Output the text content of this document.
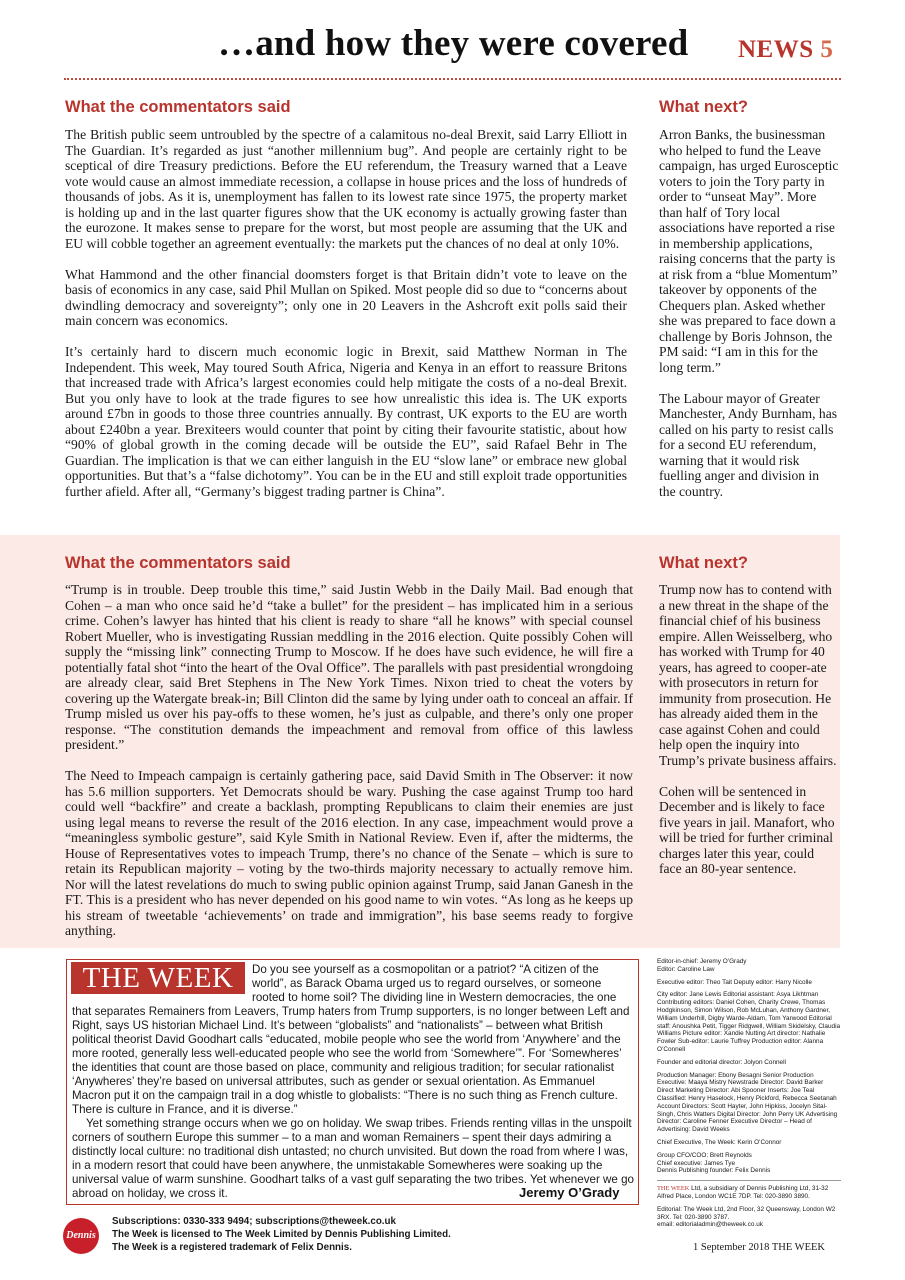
…and how they were covered NEWS 5
What the commentators said

The British public seem untroubled by the spectre of a calamitous no-deal Brexit, said Larry Elliott in The Guardian. It’s regarded as just “another millennium bug”. And people are certainly right to be sceptical of dire Treasury predictions. Before the EU referendum, the Treasury warned that a Leave vote would cause an almost immediate recession, a collapse in house prices and the loss of hundreds of thousands of jobs. As it is, unemployment has fallen to its lowest rate since 1975, the property market is holding up and in the last quarter figures show that the UK economy is actually growing faster than the eurozone. It makes sense to prepare for the worst, but most people are assuming that the UK and EU will cobble together an agreement eventually: the markets put the chances of no deal at only 10%.

What Hammond and the other financial doomsters forget is that Britain didn’t vote to leave on the basis of economics in any case, said Phil Mullan on Spiked. Most people did so due to “concerns about dwindling democracy and sovereignty”; only one in 20 Leavers in the Ashcroft exit polls said their main concern was economics.

It’s certainly hard to discern much economic logic in Brexit, said Matthew Norman in The Independent. This week, May toured South Africa, Nigeria and Kenya in an effort to reassure Britons that increased trade with Africa’s largest economies could help mitigate the costs of a no-deal Brexit. But you only have to look at the trade figures to see how unrealistic this idea is. The UK exports around £7bn in goods to those three countries annually. By contrast, UK exports to the EU are worth about £240bn a year. Brexiteers would counter that point by citing their favourite statistic, about how “90% of global growth in the coming decade will be outside the EU”, said Rafael Behr in The Guardian. The implication is that we can either languish in the EU “slow lane” or embrace new global opportunities. But that’s a “false dichotomy”. You can be in the EU and still exploit trade opportunities further afield. After all, “Germany’s biggest trading partner is China”.

What next?

Arron Banks, the businessman who helped to fund the Leave campaign, has urged Eurosceptic voters to join the Tory party in order to “unseat May”. More than half of Tory local associations have reported a rise in membership applications, raising concerns that the party is at risk from a “blue Momentum” takeover by opponents of the Chequers plan. Asked whether she was prepared to face down a challenge by Boris Johnson, the PM said: “I am in this for the long term.”

The Labour mayor of Greater Manchester, Andy Burnham, has called on his party to resist calls for a second EU referendum, warning that it would risk fuelling anger and division in the country.

What the commentators said

“Trump is in trouble. Deep trouble this time,” said Justin Webb in the Daily Mail. Bad enough that Cohen – a man who once said he’d “take a bullet” for the president – has implicated him in a serious crime. Cohen’s lawyer has hinted that his client is ready to share “all he knows” with special counsel Robert Mueller, who is investigating Russian meddling in the 2016 election. Quite possibly Cohen will supply the “missing link” connecting Trump to Moscow. If he does have such evidence, he will fire a potentially fatal shot “into the heart of the Oval Office”. The parallels with past presidential wrongdoing are already clear, said Bret Stephens in The New York Times. Nixon tried to cheat the voters by covering up the Watergate break-in; Bill Clinton did the same by lying under oath to conceal an affair. If Trump misled us over his pay-offs to these women, he’s just as culpable, and there’s only one proper response. “The constitution demands the impeachment and removal from office of this lawless president.”

The Need to Impeach campaign is certainly gathering pace, said David Smith in The Observer: it now has 5.6 million supporters. Yet Democrats should be wary. Pushing the case against Trump too hard could well “backfire” and create a backlash, prompting Republicans to claim their enemies are just using legal means to reverse the result of the 2016 election. In any case, impeachment would prove a “meaningless symbolic gesture”, said Kyle Smith in National Review. Even if, after the midterms, the House of Representatives votes to impeach Trump, there’s no chance of the Senate – which is sure to retain its Republican majority – voting by the two-thirds majority necessary to actually remove him. Nor will the latest revelations do much to swing public opinion against Trump, said Janan Ganesh in the FT. This is a president who has never depended on his good name to win votes. “As long as he keeps up his stream of tweetable ‘achievements’ on trade and immigration”, his base seems ready to forgive anything.

What next?

Trump now has to contend with a new threat in the shape of the financial chief of his business empire. Allen Weisselberg, who has worked with Trump for 40 years, has agreed to cooper-ate with prosecutors in return for immunity from prosecution. He has already aided them in the case against Cohen and could help open the inquiry into Trump’s private business affairs.

Cohen will be sentenced in December and is likely to face five years in jail. Manafort, who will be tried for further criminal charges later this year, could face an 80-year sentence.

THE WEEK	Do you see yourself as a cosmopolitan or a patriot? “A citizen of the world”, as Barack Obama urged us to regard ourselves, or someone rooted to home soil? The dividing line in Western democracies, the one that separates Remainers from Leavers, Trump haters from Trump supporters, is no longer between Left and Right, says US historian Michael Lind. It’s between “globalists” and “nationalists” – between what British political theorist David Goodhart calls “educated, mobile people who see the world from ‘Anywhere’ and the more rooted, generally less well-educated people who see the world from ‘Somewhere’”. For ‘Somewheres’ the identities that count are those based on place, community and religious tradition; for secular rationalist ‘Anywheres’ they’re based on universal attributes, such as gender or sexual orientation. As Emmanuel Macron put it on the campaign trail in a dog whistle to globalists: “There is no such thing as French culture. There is culture in France, and it is diverse.”

Yet something strange occurs when we go on holiday. We swap tribes. Friends renting villas in the unspoilt corners of southern Europe this summer – to a man and woman Remainers – spent their days admiring a distinctly local culture: no traditional dish untasted; no church unvisited. But down the road from where I was, in a modern resort that could have been anywhere, the unmistakable Somewheres were soaking up the universal value of warm sunshine. Goodhart talks of a vast gulf separating the two tribes. Yet whenever we go abroad on holiday, we cross it.	Jeremy O’Grady

Editor-in-chief: Jeremy O’Grady
Editor: Caroline Law

Executive editor: Theo Tait Deputy editor: Harry Nicolle

City editor: Jane Lewis Editorial assistant: Asya Likhtman Contributing editors: Daniel Cohen, Charity Crewe, Thomas Hodgkinson, Simon Wilson, Rob McLuhan, Anthony Gardner, William Underhill, Digby Warde-Aldam, Tom Yarwood Editorial staff: Anoushka Petit, Tigger Ridgwell, William Skidelsky, Claudia Williams Picture editor: Xandie Nutting Art director: Nathalie Fowler Sub-editor: Laurie Tuffrey Production editor: Alanna O’Connell

Founder and editorial director: Jolyon Connell

Production Manager: Ebony Besagni Senior Production Executive: Maaya Mistry Newstrade Director: David Barker Direct Marketing Director: Abi Spooner Inserts: Joe Teal Classified: Henry Haselock, Henry Pickford, Rebecca Seetanah Account Directors: Scott Hayter, John Hipkiss, Jocelyn Sital-Singh, Chris Watters Digital Director: John Perry UK Advertising Director: Caroline Fenner Executive Director – Head of Advertising: David Weeks

Chief Executive, The Week: Kerin O’Connor

Group CFO/COO: Brett Reynolds
Chief executive: James Tye
Dennis Publishing founder: Felix Dennis

THE WEEK Ltd, a subsidiary of Dennis Publishing Ltd, 31-32 Alfred Place, London WC1E 7DP. Tel: 020-3890 3890.

Editorial: The Week Ltd, 2nd Floor, 32 Queensway, London W2 3RX. Tel: 020-3890 3787.
email: editorialadmin@theweek.co.uk

Dennis

Subscriptions: 0330-333 9494; subscriptions@theweek.co.uk

The Week is licensed to The Week Limited by Dennis Publishing Limited.

The Week is a registered trademark of Felix Dennis.	1 September 2018 THE WEEK
